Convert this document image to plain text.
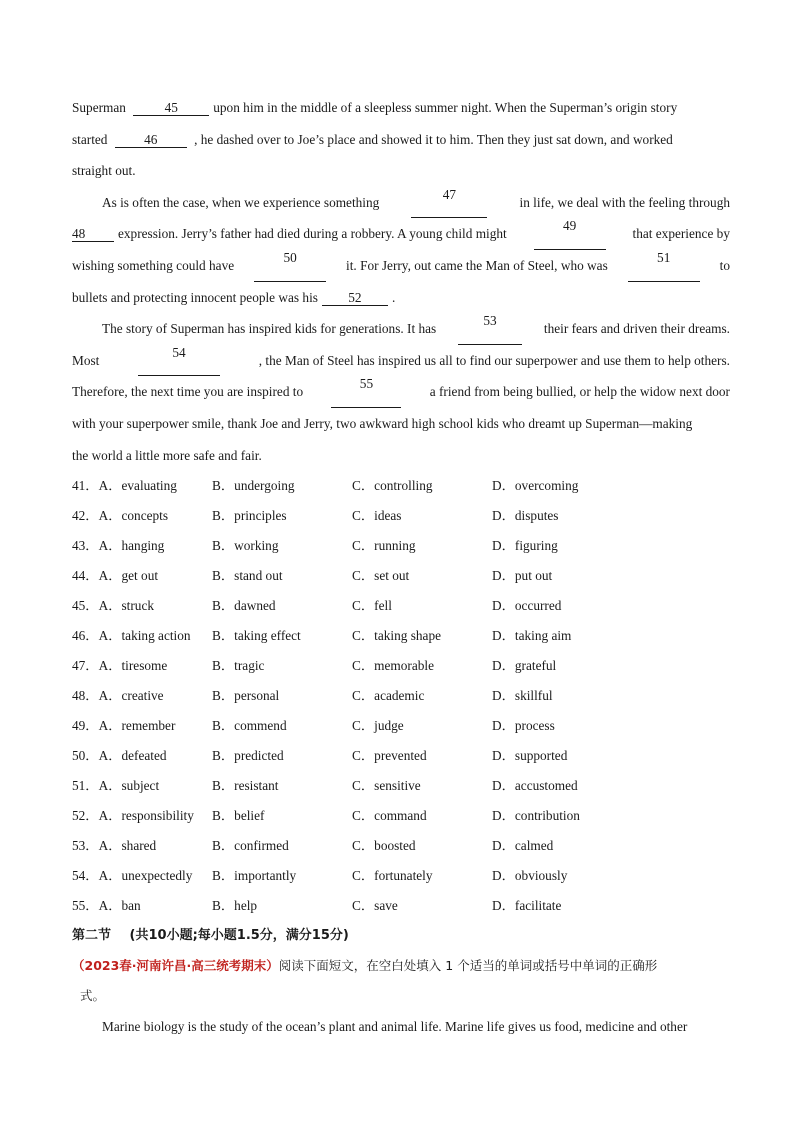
Superman	45	upon him in the middle of a sleepless summer night. When the Superman’s origin story
started	46	, he dashed over to Joe’s place and showed it to him. Then they just sat down, and worked
straight out.
As is often the case, when we experience something
47
in life, we deal with the feeling through
48 expression. Jerry’s father had died during a robbery. A young child might
49
that experience by
wishing something could have
50
it. For Jerry, out came the Man of Steel, who was
51
to
bullets and protecting innocent people was his 52 .
The story of Superman has inspired kids for generations. It has
53
their fears and driven their dreams.
Most
54
, the Man of Steel has inspired us all to find our superpower and use them to help others.
Therefore, the next time you are inspired to
55
a friend from being bullied, or help the widow next door
with your superpower smile, thank Joe and Jerry, two awkward high school kids who dreamt up Superman—making
the world a little more safe and fair.
41．A．evaluating	B．undergoing	C．controlling	D．overcoming
42．A．concepts	B．principles	C．ideas	D．disputes
43．A．hanging	B．working	C．running	D．figuring
44．A．get out	B．stand out	C．set out	D．put out
45．A．struck	B．dawned	C．fell	D．occurred
46．A．taking action	B．taking effect	C．taking shape	D．taking aim
47．A．tiresome	B．tragic	C．memorable	D．grateful
48．A．creative	B．personal	C．academic	D．skillful
49．A．remember	B．commend	C．judge	D．process
50．A．defeated	B．predicted	C．prevented	D．supported
51．A．subject	B．resistant	C．sensitive	D．accustomed
52．A．responsibility	B．belief	C．command	D．contribution
53．A．shared	B．confirmed	C．boosted	D．calmed
54．A．unexpectedly	B．importantly	C．fortunately	D．obviously
55．A．ban	B．help	C．save	D．facilitate
第二节 (共10小题;每小题1.5分，满分15分)
（2023春·河南许昌·高三统考期末）阅读下面短文，在空白处填入 1 个适当的单词或括号中单词的正确形
式。
Marine biology is the study of the ocean’s plant and animal life. Marine life gives us food, medicine and other
